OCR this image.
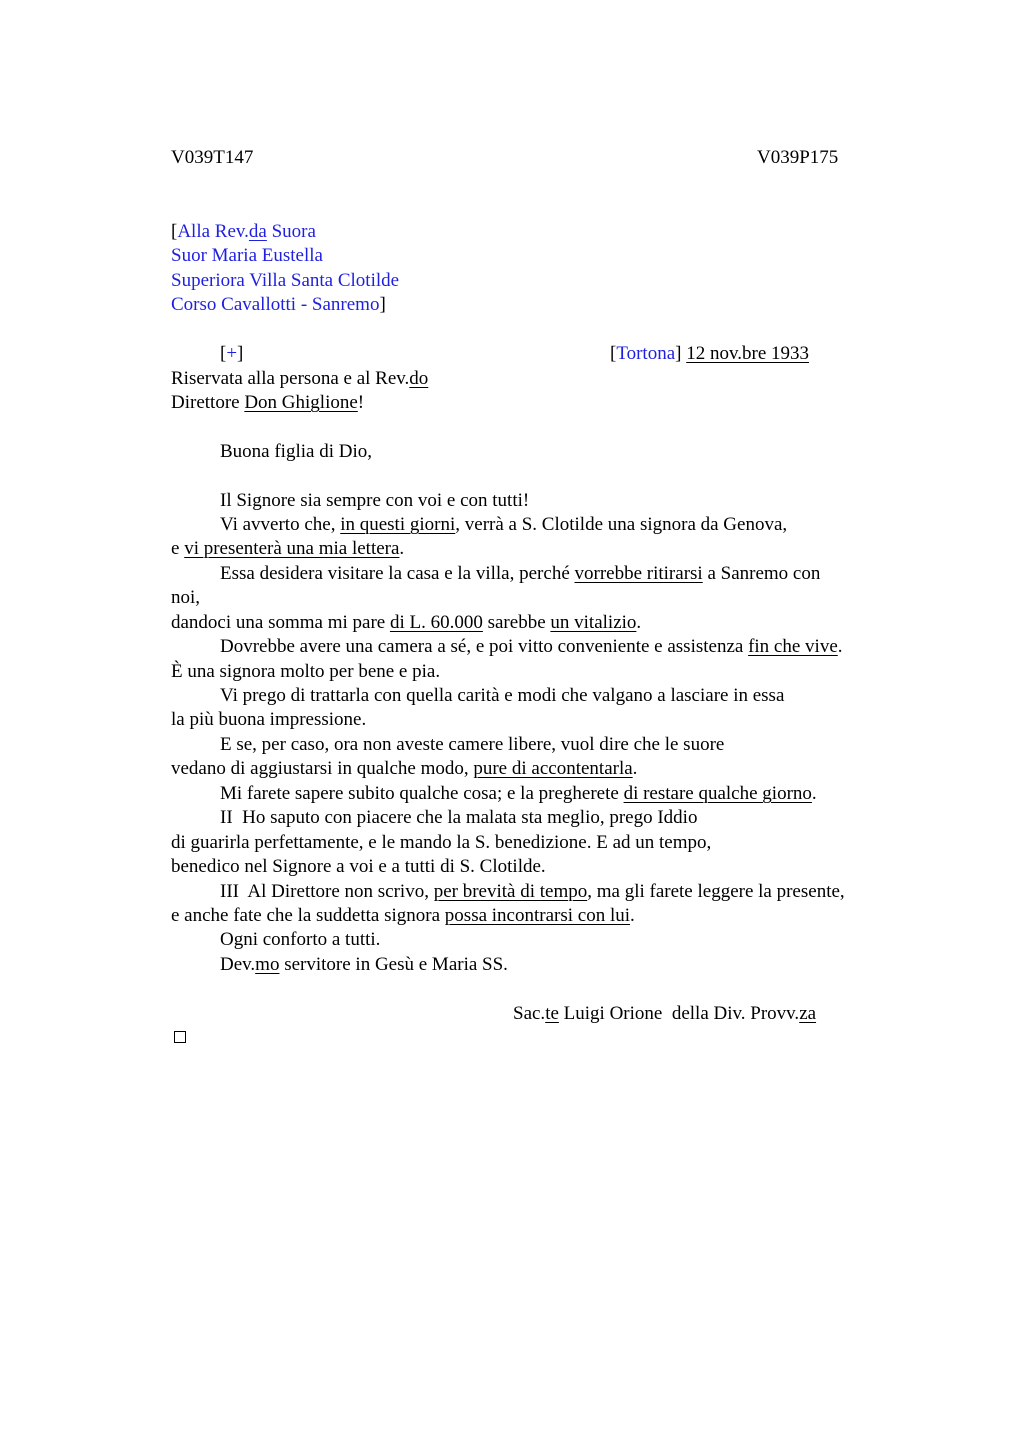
V039T147	V039P175
[Alla Rev.da Suora
Suor Maria Eustella
Superiora Villa Santa Clotilde
Corso Cavallotti - Sanremo]
[+]	[Tortona] 12 nov.bre 1933
Riservata alla persona e al Rev.do
Direttore Don Ghiglione!
Buona figlia di Dio,
Il Signore sia sempre con voi e con tutti!
Vi avverto che, in questi giorni, verrà a S. Clotilde una signora da Genova,
e vi presenterà una mia lettera.
Essa desidera visitare la casa e la villa, perché vorrebbe ritirarsi a Sanremo con
noi,
dandoci una somma mi pare di L. 60.000 sarebbe un vitalizio.
Dovrebbe avere una camera a sé, e poi vitto conveniente e assistenza fin che vive.
È una signora molto per bene e pia.
Vi prego di trattarla con quella carità e modi che valgano a lasciare in essa
la più buona impressione.
E se, per caso, ora non aveste camere libere, vuol dire che le suore
vedano di aggiustarsi in qualche modo, pure di accontentarla.
Mi farete sapere subito qualche cosa; e la pregherete di restare qualche giorno.
II  Ho saputo con piacere che la malata sta meglio, prego Iddio
di guarirla perfettamente, e le mando la S. benedizione. E ad un tempo,
benedico nel Signore a voi e a tutti di S. Clotilde.
III  Al Direttore non scrivo, per brevità di tempo, ma gli farete leggere la presente,
e anche fate che la suddetta signora possa incontrarsi con lui.
Ogni conforto a tutti.
Dev.mo servitore in Gesù e Maria SS.
Sac.te Luigi Orione  della Div. Provv.za
